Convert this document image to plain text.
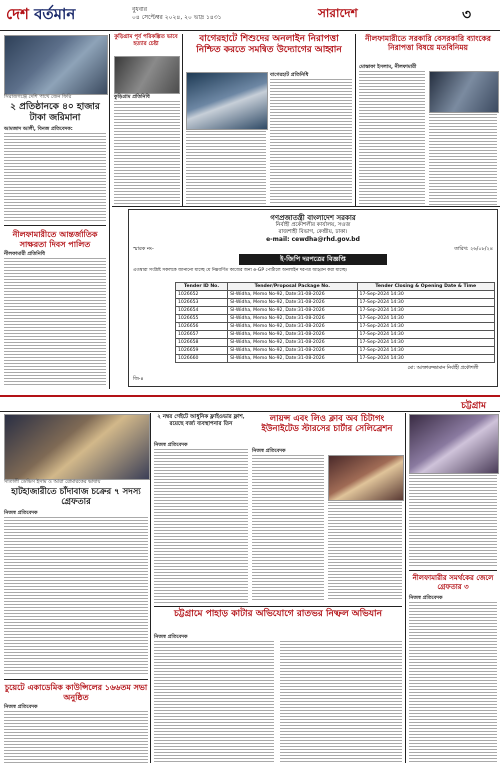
দেশ বর্তমান	বুধবার
০৪ সেপ্টেম্বর ২০২৪, ২০ ভাদ্র ১৪৩১	সারাদেশ	৩
সিরাজগঞ্জে দেশি পাখে জেন ফিরি
২ প্রতিষ্ঠানকে ৪০ হাজার টাকা জরিমানা
আমজাদ আলী, বিনজ প্রতিবেদক:
নীলফামারীতে আন্তর্জাতিক সাক্ষরতা দিবস পালিত
নীলফামারী প্রতিনিধি
কুড়িগ্রাম পূর্ব পরিকল্পিত ভাবে হত্যার চেষ্টা
কুড়িগ্রাম প্রতিনিধি
বাগেরহাটে শিশুদের অনলাইন নিরাপত্তা নিশ্চিত করতে সমন্বিত উদ্যোগের আহ্বান
বাগেরহাট প্রতিনিধি
নীলফামারীতে সরকারি বেসরকারি ব্যাংকের নিরাপত্তা বিষয়ে মতবিনিময়
মোস্তাফা ইসলাম, নীলফামারী
গণপ্রজাতন্ত্রী বাংলাদেশ সরকার
নির্বাহী প্রকৌশলীর কার্যালয়, সওজ
রাজশাহী বিভাগ, কেন্দ্রীয়, ঢাকা।
e-mail: cewdha@rhd.gov.bd
স্মারক নং-	তারিখ: ২৬/০৮/২৪
ই-জিপি দরপত্রের বিজ্ঞপ্তি
এতদ্বারা সংশ্লিষ্ট সকলকে জানানো যাচ্ছে যে নিম্নবর্ণিত কাজের জন্য e-GP পোর্টালে অনলাইন দরপত্র আহ্বান করা যাচ্ছে।
Tender ID No.	Tender/Proposal Package No.	Tender Closing & Opening Date & Time
1026652	SI-Widha, Memo No-92, Date:31-08-2026	17-Sep-2024 14:30
1026653	SI-Widha, Memo No-92, Date:31-08-2026	17-Sep-2024 14:30
1026654	SI-Widha, Memo No-92, Date:31-08-2026	17-Sep-2024 14:30
1026655	SI-Widha, Memo No-92, Date:31-08-2026	17-Sep-2024 14:30
1026656	SI-Widha, Memo No-92, Date:31-08-2026	17-Sep-2024 14:30
1026657	SI-Widha, Memo No-92, Date:31-08-2026	17-Sep-2024 14:30
1026658	SI-Widha, Memo No-92, Date:31-08-2026	17-Sep-2024 14:30
1026659	SI-Widha, Memo No-92, Date:31-08-2026	17-Sep-2024 14:30
1026660	SI-Widha, Memo No-92, Date:31-08-2026	17-Sep-2024 14:30
মো: আক্তারুজ্জামান নির্বাহী প্রকৌশলী
জি-৪
চট্টগ্রাম
সাতালী ডেভিস ইসাম ও আরা রোমারকের ভাষায়
হাটহাজারীতে চাঁদাবাজ চক্রের ৭ সদস্য গ্রেফতার
নিজস্ব প্রতিবেদক
চুয়েটে একাডেমিক কাউন্সিলের ১৬৬তম সভা অনুষ্ঠিত
নিজস্ব প্রতিবেদক
২ নম্বর গেইটে আধুনিক ফ্লাইওভার ফ্লাশ, রয়েছে বর্জ্য ব্যবস্থাপনার তিন
নিজস্ব প্রতিবেদক
লায়ন্স এবং লিও ক্লাব অব চিটাগং ইউনাইটেড স্টারসের চার্টার সেলিব্রেশন
নিজস্ব প্রতিবেদক
চট্টগ্রামে পাহাড় কাটার অভিযোগে রাতভর নিষ্ফল অভিযান
নিজস্ব প্রতিবেদক
নীলফামারীর সমর্থকের জেলে গ্রেফতার ৩
নিজস্ব প্রতিবেদক
